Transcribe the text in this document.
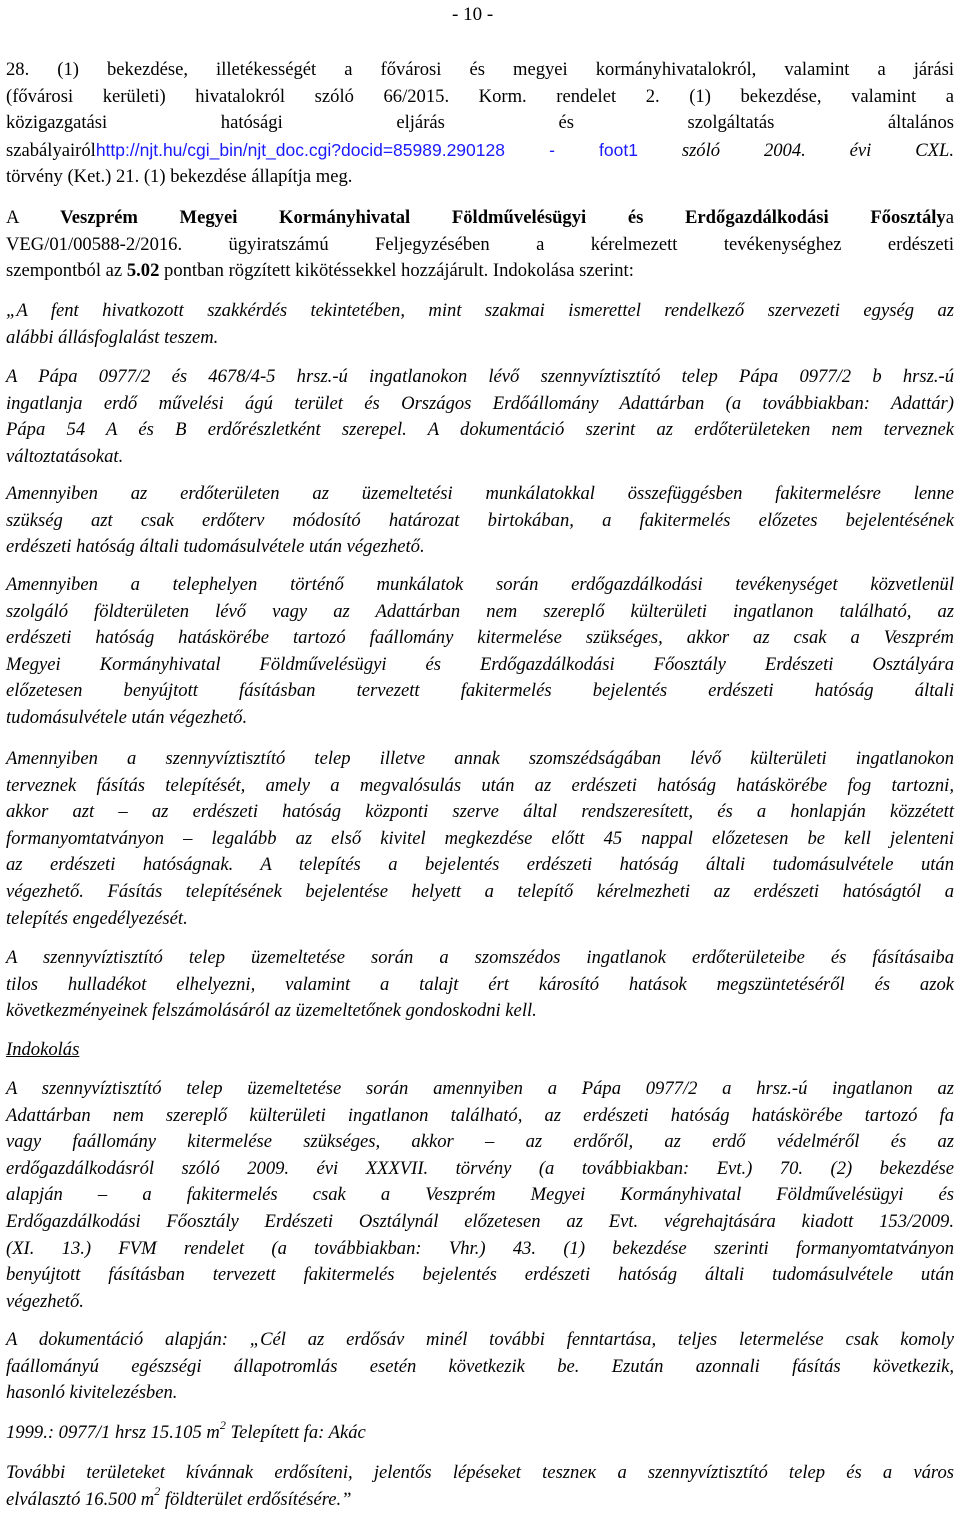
- 10 -
28. (1) bekezdése, illetékességét a fővárosi és megyei kormányhivatalokról, valamint a járási
(fővárosi kerületi) hivatalokról szóló 66/2015. Korm. rendelet 2. (1) bekezdése, valamint a
közigazgatási hatósági eljárás és szolgáltatás általános
szabályairólhttp://njt.hu/cgi_bin/njt_doc.cgi?docid=85989.290128 - foot1 szóló 2004. évi CXL.
törvény (Ket.) 21. (1) bekezdése állapítja meg.
A Veszprém Megyei Kormányhivatal Földművelésügyi és Erdőgazdálkodási Főosztálya
VEG/01/00588-2/2016. ügyiratszámú Feljegyzésében a kérelmezett tevékenységhez erdészeti
szempontból az 5.02 pontban rögzített kikötéssekkel hozzájárult. Indokolása szerint:
„A fent hivatkozott szakkérdés tekintetében, mint szakmai ismerettel rendelkező szervezeti egység az
alábbi állásfoglalást teszem.
A Pápa 0977/2 és 4678/4-5 hrsz.-ú ingatlanokon lévő szennyvíztisztító telep Pápa 0977/2 b hrsz.-ú
ingatlanja erdő művelési ágú terület és Országos Erdőállomány Adattárban (a továbbiakban: Adattár)
Pápa 54 A és B erdőrészletként szerepel. A dokumentáció szerint az erdőterületeken nem terveznek
változtatásokat.
Amennyiben az erdőterületen az üzemeltetési munkálatokkal összefüggésben fakitermelésre lenne
szükség azt csak erdőterv módosító határozat birtokában, a fakitermelés előzetes bejelentésének
erdészeti hatóság általi tudomásulvétele után végezhető.
Amennyiben a telephelyen történő munkálatok során erdőgazdálkodási tevékenységet közvetlenül
szolgáló földterületen lévő vagy az Adattárban nem szereplő külterületi ingatlanon található, az
erdészeti hatóság hatáskörébe tartozó faállomány kitermelése szükséges, akkor az csak a Veszprém
Megyei Kormányhivatal Földművelésügyi és Erdőgazdálkodási Főosztály Erdészeti Osztályára
előzetesen benyújtott fásításban tervezett fakitermelés bejelentés erdészeti hatóság általi
tudomásulvétele után végezhető.
Amennyiben a szennyvíztisztító telep illetve annak szomszédságában lévő külterületi ingatlanokon
terveznek fásítás telepítését, amely a megvalósulás után az erdészeti hatóság hatáskörébe fog tartozni,
akkor azt – az erdészeti hatóság központi szerve által rendszeresített, és a honlapján közzétett
formanyomtatványon – legalább az első kivitel megkezdése előtt 45 nappal előzetesen be kell jelenteni
az erdészeti hatóságnak. A telepítés a bejelentés erdészeti hatóság általi tudomásulvétele után
végezhető. Fásítás telepítésének bejelentése helyett a telepítő kérelmezheti az erdészeti hatóságtól a
telepítés engedélyezését.
A szennyvíztisztító telep üzemeltetése során a szomszédos ingatlanok erdőterületeibe és fásításaiba
tilos hulladékot elhelyezni, valamint a talajt ért károsító hatások megszüntetéséről és azok
következményeinek felszámolásáról az üzemeltetőnek gondoskodni kell.
Indokolás
A szennyvíztisztító telep üzemeltetése során amennyiben a Pápa 0977/2 a hrsz.-ú ingatlanon az
Adattárban nem szereplő külterületi ingatlanon található, az erdészeti hatóság hatáskörébe tartozó fa
vagy faállomány kitermelése szükséges, akkor – az erdőről, az erdő védelméről és az
erdőgazdálkodásról szóló 2009. évi XXXVII. törvény (a továbbiakban: Evt.) 70. (2) bekezdése
alapján – a fakitermelés csak a Veszprém Megyei Kormányhivatal Földművelésügyi és
Erdőgazdálkodási Főosztály Erdészeti Osztálynál előzetesen az Evt. végrehajtására kiadott 153/2009.
(XI. 13.) FVM rendelet (a továbbiakban: Vhr.) 43. (1) bekezdése szerinti formanyomtatványon
benyújtott fásításban tervezett fakitermelés bejelentés erdészeti hatóság általi tudomásulvétele után
végezhető.
A dokumentáció alapján: „Cél az erdősáv minél további fenntartása, teljes letermelése csak komoly
faállományú egészségi állapotromlás esetén következik be. Ezután azonnali fásítás következik,
hasonló kivitelezésben.
1999.: 0977/1 hrsz 15.105 $m^2$ Telepített fa: Akác
További területeket kívánnak erdősíteni, jelentős lépéseket teszneк a szennyvíztisztító telep és a város
elválasztó 16.500 $m^2$ földterület erdősítésére.”
